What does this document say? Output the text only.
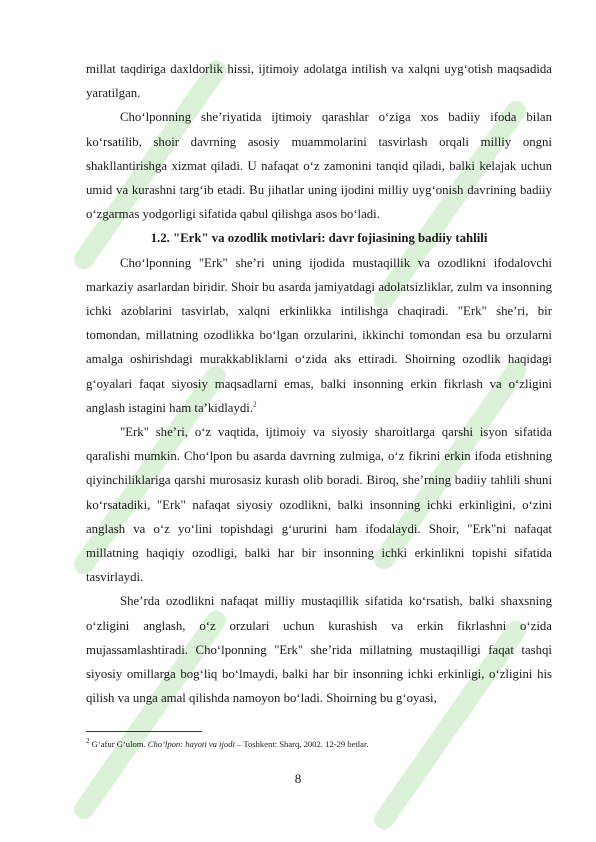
millat taqdiriga daxldorlik hissi, ijtimoiy adolatga intilish va xalqni uyg‘otish maqsadida yaratilgan.

Cho‘lponning she’riyatida ijtimoiy qarashlar o‘ziga xos badiiy ifoda bilan ko‘rsatilib, shoir davrning asosiy muammolarini tasvirlash orqali milliy ongni shakllantirishga xizmat qiladi. U nafaqat o‘z zamonini tanqid qiladi, balki kelajak uchun umid va kurashni targ‘ib etadi. Bu jihatlar uning ijodini milliy uyg‘onish davrining badiiy o‘zgarmas yodgorligi sifatida qabul qilishga asos bo‘ladi.

1.2. "Erk" va ozodlik motivlari: davr fojiasining badiiy tahlili

Cho‘lponning "Erk" she’ri uning ijodida mustaqillik va ozodlikni ifodalovchi markaziy asarlardan biridir. Shoir bu asarda jamiyatdagi adolatsizliklar, zulm va insonning ichki azoblarini tasvirlab, xalqni erkinlikka intilishga chaqiradi. "Erk" she’ri, bir tomondan, millatning ozodlikka bo‘lgan orzularini, ikkinchi tomondan esa bu orzularni amalga oshirishdagi murakkabliklarni o‘zida aks ettiradi. Shoirning ozodlik haqidagi g‘oyalari faqat siyosiy maqsadlarni emas, balki insonning erkin fikrlash va o‘zligini anglash istagini ham ta’kidlaydi.$^2$

"Erk" she’ri, o‘z vaqtida, ijtimoiy va siyosiy sharoitlarga qarshi isyon sifatida qaralishi mumkin. Cho‘lpon bu asarda davrning zulmiga, o‘z fikrini erkin ifoda etishning qiyinchiliklariga qarshi murosasiz kurash olib boradi. Biroq, she’rning badiiy tahlili shuni ko‘rsatadiki, "Erk" nafaqat siyosiy ozodlikni, balki insonning ichki erkinligini, o‘zini anglash va o‘z yo‘lini topishdagi g‘ururini ham ifodalaydi. Shoir, "Erk"ni nafaqat millatning haqiqiy ozodligi, balki har bir insonning ichki erkinlikni topishi sifatida tasvirlaydi.

She’rda ozodlikni nafaqat milliy mustaqillik sifatida ko‘rsatish, balki shaxsning o‘zligini anglash, o‘z orzulari uchun kurashish va erkin fikrlashni o‘zida mujassamlashtiradi. Cho‘lponning "Erk" she’rida millatning mustaqilligi faqat tashqi siyosiy omillarga bog‘liq bo‘lmaydi, balki har bir insonning ichki erkinligi, o‘zligini his qilish va unga amal qilishda namoyon bo‘ladi. Shoirning bu g‘oyasi,

$^2$ G‘afur G‘ulom. Cho‘lpon: hayoti va ijodi – Toshkent: Sharq, 2002. 12-29 betlar.
8
